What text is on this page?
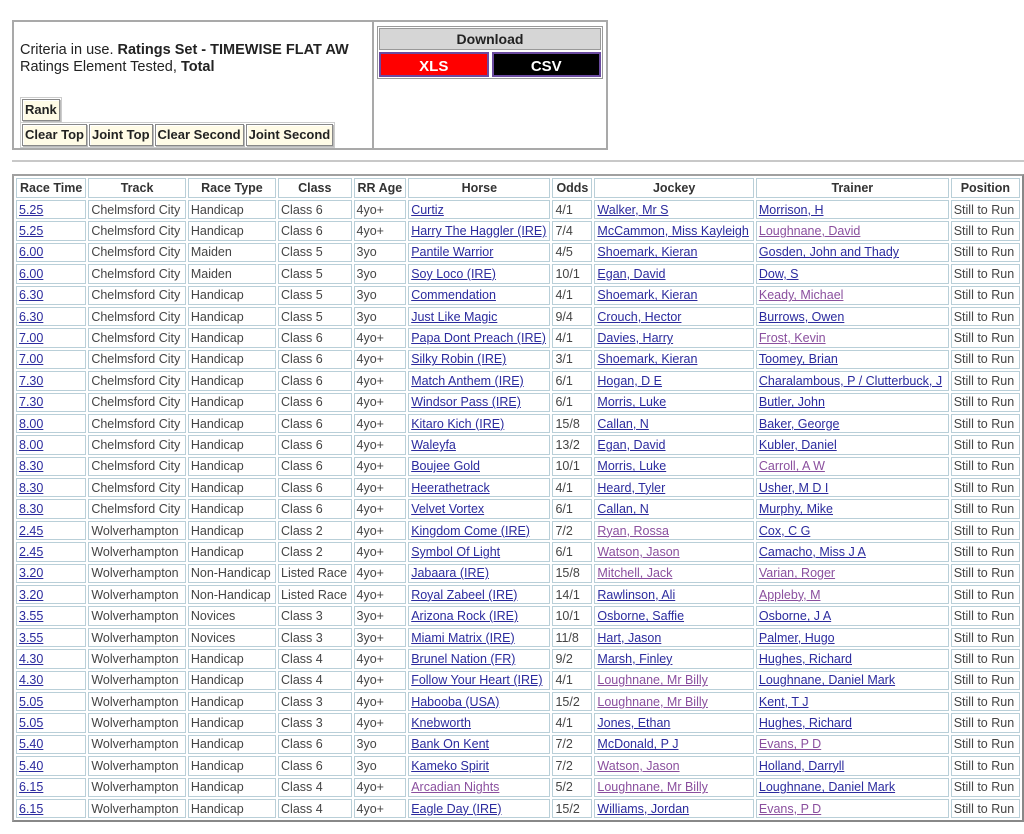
Criteria in use. Ratings Set - TIMEWISE FLAT AW
Ratings Element Tested, Total
Rank
Clear Top Joint Top Clear Second Joint Second
Download
XLS	CSV
Race Time	Track	Race Type	Class	RR Age	Horse	Odds	Jockey	Trainer	Position
5.25	Chelmsford City	Handicap	Class 6	4yo+	Curtiz	4/1	Walker, Mr S	Morrison, H	Still to Run
5.25	Chelmsford City	Handicap	Class 6	4yo+	Harry The Haggler (IRE)	7/4	McCammon, Miss Kayleigh	Loughnane, David	Still to Run
6.00	Chelmsford City	Maiden	Class 5	3yo	Pantile Warrior	4/5	Shoemark, Kieran	Gosden, John and Thady	Still to Run
6.00	Chelmsford City	Maiden	Class 5	3yo	Soy Loco (IRE)	10/1	Egan, David	Dow, S	Still to Run
6.30	Chelmsford City	Handicap	Class 5	3yo	Commendation	4/1	Shoemark, Kieran	Keady, Michael	Still to Run
6.30	Chelmsford City	Handicap	Class 5	3yo	Just Like Magic	9/4	Crouch, Hector	Burrows, Owen	Still to Run
7.00	Chelmsford City	Handicap	Class 6	4yo+	Papa Dont Preach (IRE)	4/1	Davies, Harry	Frost, Kevin	Still to Run
7.00	Chelmsford City	Handicap	Class 6	4yo+	Silky Robin (IRE)	3/1	Shoemark, Kieran	Toomey, Brian	Still to Run
7.30	Chelmsford City	Handicap	Class 6	4yo+	Match Anthem (IRE)	6/1	Hogan, D E	Charalambous, P / Clutterbuck, J	Still to Run
7.30	Chelmsford City	Handicap	Class 6	4yo+	Windsor Pass (IRE)	6/1	Morris, Luke	Butler, John	Still to Run
8.00	Chelmsford City	Handicap	Class 6	4yo+	Kitaro Kich (IRE)	15/8	Callan, N	Baker, George	Still to Run
8.00	Chelmsford City	Handicap	Class 6	4yo+	Waleyfa	13/2	Egan, David	Kubler, Daniel	Still to Run
8.30	Chelmsford City	Handicap	Class 6	4yo+	Boujee Gold	10/1	Morris, Luke	Carroll, A W	Still to Run
8.30	Chelmsford City	Handicap	Class 6	4yo+	Heerathetrack	4/1	Heard, Tyler	Usher, M D I	Still to Run
8.30	Chelmsford City	Handicap	Class 6	4yo+	Velvet Vortex	6/1	Callan, N	Murphy, Mike	Still to Run
2.45	Wolverhampton	Handicap	Class 2	4yo+	Kingdom Come (IRE)	7/2	Ryan, Rossa	Cox, C G	Still to Run
2.45	Wolverhampton	Handicap	Class 2	4yo+	Symbol Of Light	6/1	Watson, Jason	Camacho, Miss J A	Still to Run
3.20	Wolverhampton	Non-Handicap	Listed Race	4yo+	Jabaara (IRE)	15/8	Mitchell, Jack	Varian, Roger	Still to Run
3.20	Wolverhampton	Non-Handicap	Listed Race	4yo+	Royal Zabeel (IRE)	14/1	Rawlinson, Ali	Appleby, M	Still to Run
3.55	Wolverhampton	Novices	Class 3	3yo+	Arizona Rock (IRE)	10/1	Osborne, Saffie	Osborne, J A	Still to Run
3.55	Wolverhampton	Novices	Class 3	3yo+	Miami Matrix (IRE)	11/8	Hart, Jason	Palmer, Hugo	Still to Run
4.30	Wolverhampton	Handicap	Class 4	4yo+	Brunel Nation (FR)	9/2	Marsh, Finley	Hughes, Richard	Still to Run
4.30	Wolverhampton	Handicap	Class 4	4yo+	Follow Your Heart (IRE)	4/1	Loughnane, Mr Billy	Loughnane, Daniel Mark	Still to Run
5.05	Wolverhampton	Handicap	Class 3	4yo+	Habooba (USA)	15/2	Loughnane, Mr Billy	Kent, T J	Still to Run
5.05	Wolverhampton	Handicap	Class 3	4yo+	Knebworth	4/1	Jones, Ethan	Hughes, Richard	Still to Run
5.40	Wolverhampton	Handicap	Class 6	3yo	Bank On Kent	7/2	McDonald, P J	Evans, P D	Still to Run
5.40	Wolverhampton	Handicap	Class 6	3yo	Kameko Spirit	7/2	Watson, Jason	Holland, Darryll	Still to Run
6.15	Wolverhampton	Handicap	Class 4	4yo+	Arcadian Nights	5/2	Loughnane, Mr Billy	Loughnane, Daniel Mark	Still to Run
6.15	Wolverhampton	Handicap	Class 4	4yo+	Eagle Day (IRE)	15/2	Williams, Jordan	Evans, P D	Still to Run
